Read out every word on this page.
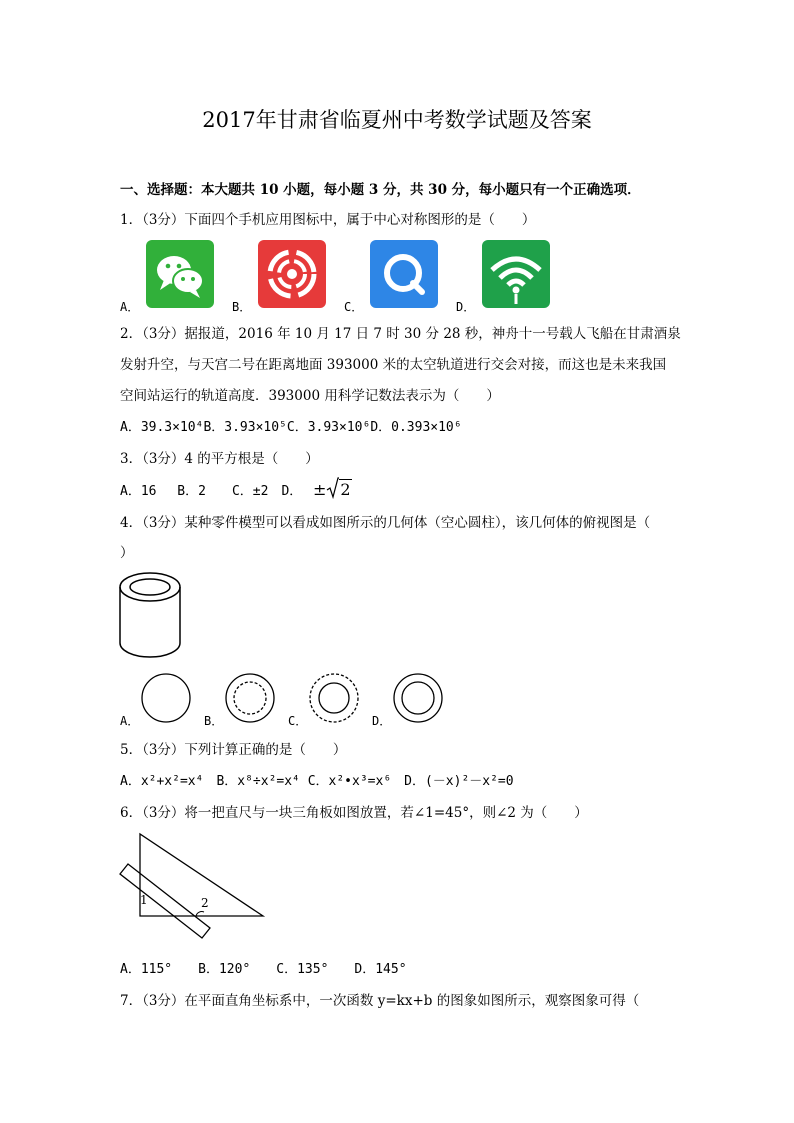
2017年甘肃省临夏州中考数学试题及答案
一、选择题：本大题共 10 小题，每小题 3 分，共 30 分，每小题只有一个正确选项．
1．（3分）下面四个手机应用图标中，属于中心对称图形的是（　　）
A．	B．	C．	D．
2．（3分）据报道，2016 年 10 月 17 日 7 时 30 分 28 秒，神舟十一号载人飞船在甘肃酒泉
发射升空，与天宫二号在距离地面 393000 米的太空轨道进行交会对接，而这也是未来我国
空间站运行的轨道高度．393000 用科学记数法表示为（　　）
A．39.3×10⁴B．3.93×10⁵C．3.93×10⁶D．0.393×10⁶
3．（3分）4 的平方根是（　　）
A．16　 B．2　　C．±2　D． ± 2
4．（3分）某种零件模型可以看成如图所示的几何体（空心圆柱），该几何体的俯视图是（
）
A．	B．	C．	D．
5．（3分）下列计算正确的是（　　）
A．x²+x²=x⁴　B．x⁸÷x²=x⁴ C．x²•x³=x⁶　D．(－x)²－x²=0
6．（3分）将一把直尺与一块三角板如图放置，若∠1=45°，则∠2 为（　　）
1	2
A．115°　　B．120°　　C．135°　　D．145°
7．（3分）在平面直角坐标系中，一次函数 y=kx+b 的图象如图所示，观察图象可得（
